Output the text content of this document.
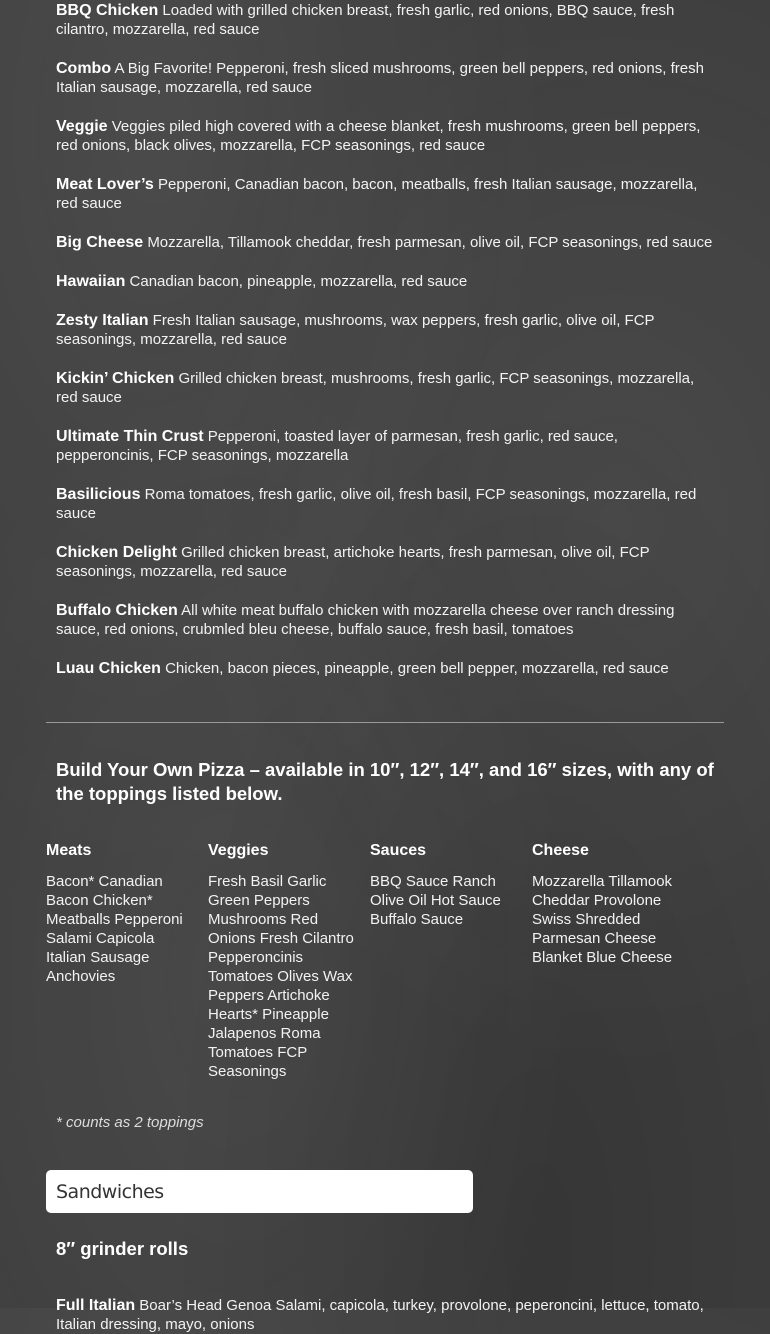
BBQ Chicken Loaded with grilled chicken breast, fresh garlic, red onions, BBQ sauce, fresh cilantro, mozzarella, red sauce

Combo A Big Favorite! Pepperoni, fresh sliced mushrooms, green bell peppers, red onions, fresh Italian sausage, mozzarella, red sauce

Veggie Veggies piled high covered with a cheese blanket, fresh mushrooms, green bell peppers, red onions, black olives, mozzarella, FCP seasonings, red sauce

Meat Lover’s Pepperoni, Canadian bacon, bacon, meatballs, fresh Italian sausage, mozzarella, red sauce

Big Cheese Mozzarella, Tillamook cheddar, fresh parmesan, olive oil, FCP seasonings, red sauce

Hawaiian Canadian bacon, pineapple, mozzarella, red sauce

Zesty Italian Fresh Italian sausage, mushrooms, wax peppers, fresh garlic, olive oil, FCP seasonings, mozzarella, red sauce

Kickin’ Chicken Grilled chicken breast, mushrooms, fresh garlic, FCP seasonings, mozzarella, red sauce

Ultimate Thin Crust Pepperoni, toasted layer of parmesan, fresh garlic, red sauce, pepperoncinis, FCP seasonings, mozzarella

Basilicious Roma tomatoes, fresh garlic, olive oil, fresh basil, FCP seasonings, mozzarella, red sauce

Chicken Delight Grilled chicken breast, artichoke hearts, fresh parmesan, olive oil, FCP seasonings, mozzarella, red sauce

Buffalo Chicken All white meat buffalo chicken with mozzarella cheese over ranch dressing sauce, red onions, crubmled bleu cheese, buffalo sauce, fresh basil, tomatoes

Luau Chicken Chicken, bacon pieces, pineapple, green bell pepper, mozzarella, red sauce

Build Your Own Pizza – available in 10″, 12″, 14″, and 16″ sizes, with any of the toppings listed below.
Meats

Bacon* Canadian Bacon Chicken* Meatballs Pepperoni Salami Capicola Italian Sausage Anchovies

Veggies

Fresh Basil Garlic Green Peppers Mushrooms Red Onions Fresh Cilantro Pepperoncinis Tomatoes Olives Wax Peppers Artichoke Hearts* Pineapple Jalapenos Roma Tomatoes FCP Seasonings

Sauces

BBQ Sauce Ranch Olive Oil Hot Sauce Buffalo Sauce

Cheese

Mozzarella Tillamook Cheddar Provolone Swiss Shredded Parmesan Cheese Blanket Blue Cheese

* counts as 2 toppings
Sandwiches
8″ grinder rolls

Full Italian Boar’s Head Genoa Salami, capicola, turkey, provolone, peperoncini, lettuce, tomato, Italian dressing, mayo, onions
